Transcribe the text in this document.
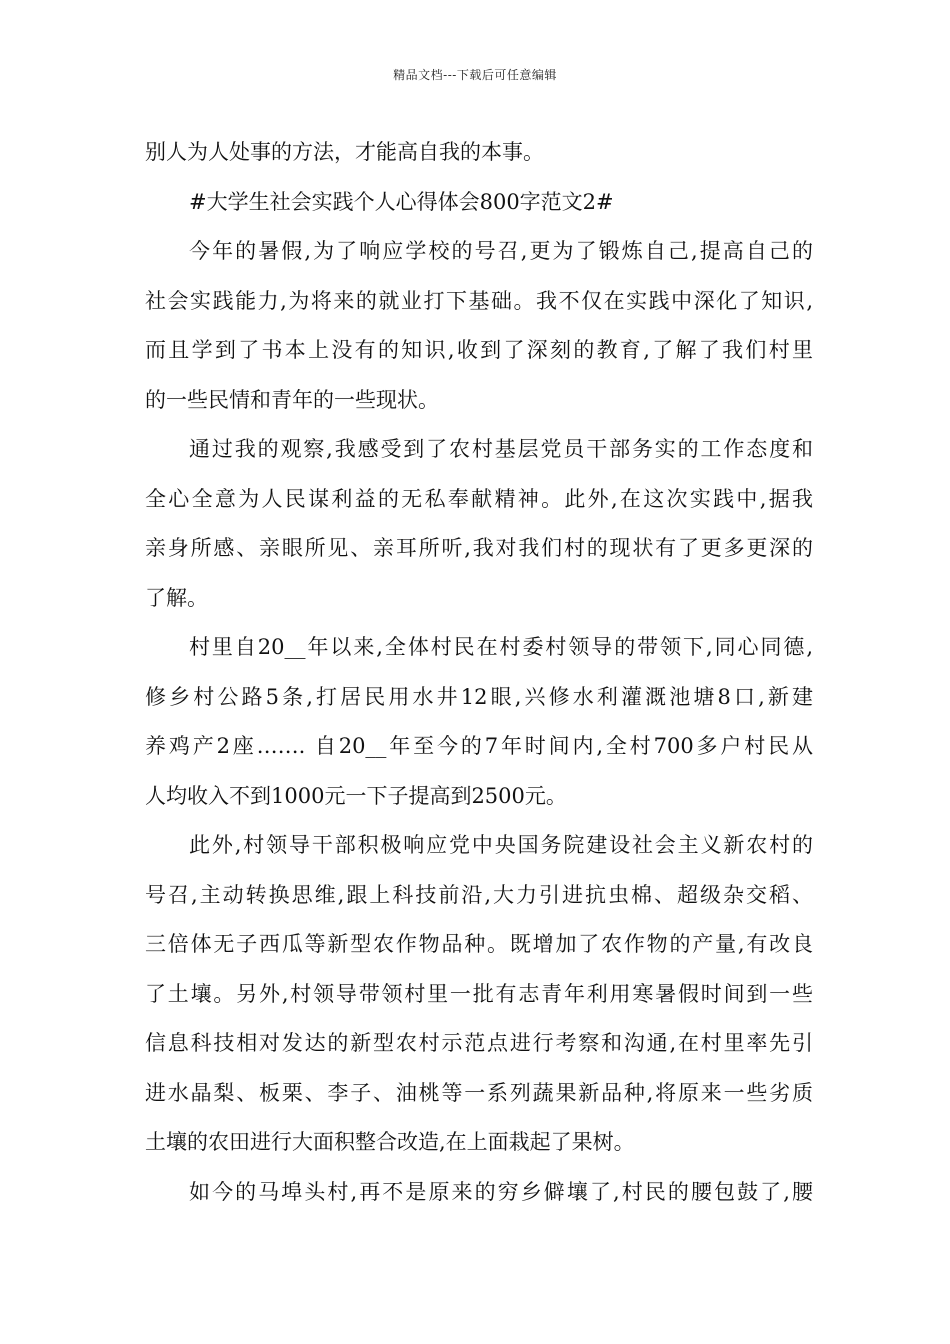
精品文档---下载后可任意编辑
别人为人处事的方法，才能高自我的本事。
#大学生社会实践个人心得体会800字范文2#
今年的暑假,为了响应学校的号召,更为了锻炼自己,提高自己的
社会实践能力,为将来的就业打下基础。我不仅在实践中深化了知识,
而且学到了书本上没有的知识,收到了深刻的教育,了解了我们村里
的一些民情和青年的一些现状。
通过我的观察,我感受到了农村基层党员干部务实的工作态度和
全心全意为人民谋利益的无私奉献精神。此外,在这次实践中,据我
亲身所感、亲眼所见、亲耳所听,我对我们村的现状有了更多更深的
了解。
村里自20__年以来,全体村民在村委村领导的带领下,同心同德,
修乡村公路5条,打居民用水井12眼,兴修水利灌溉池塘8口,新建
养鸡产2座……. 自20__年至今的7年时间内,全村700多户村民从
人均收入不到1000元一下子提高到2500元。
此外,村领导干部积极响应党中央国务院建设社会主义新农村的
号召,主动转换思维,跟上科技前沿,大力引进抗虫棉、超级杂交稻、
三倍体无子西瓜等新型农作物品种。既增加了农作物的产量,有改良
了土壤。另外,村领导带领村里一批有志青年利用寒暑假时间到一些
信息科技相对发达的新型农村示范点进行考察和沟通,在村里率先引
进水晶梨、板栗、李子、油桃等一系列蔬果新品种,将原来一些劣质
土壤的农田进行大面积整合改造,在上面栽起了果树。
如今的马埠头村,再不是原来的穷乡僻壤了,村民的腰包鼓了,腰
